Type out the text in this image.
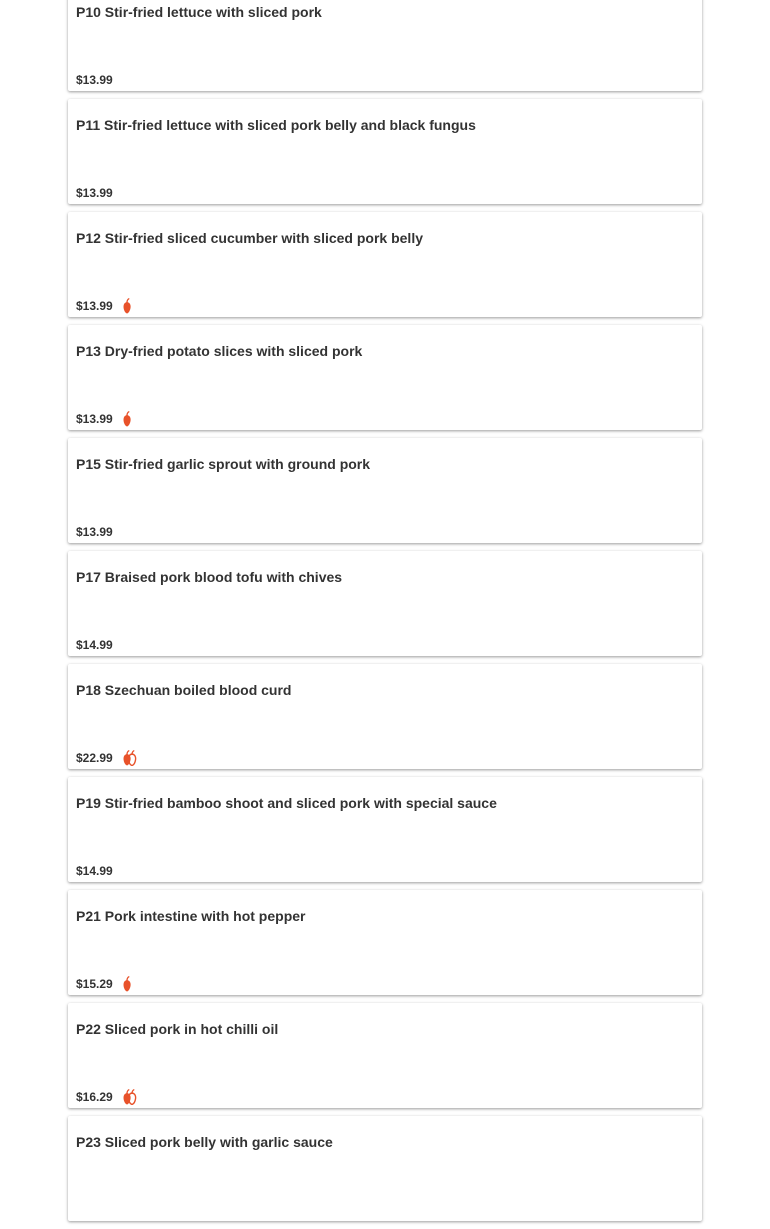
P10 Stir-fried lettuce with sliced pork
$13.99
P11 Stir-fried lettuce with sliced pork belly and black fungus
$13.99
P12 Stir-fried sliced cucumber with sliced pork belly
$13.99
P13 Dry-fried potato slices with sliced pork
$13.99
P15 Stir-fried garlic sprout with ground pork
$13.99
P17 Braised pork blood tofu with chives
$14.99
P18 Szechuan boiled blood curd
$22.99
P19 Stir-fried bamboo shoot and sliced pork with special sauce
$14.99
P21 Pork intestine with hot pepper
$15.29
P22 Sliced pork in hot chilli oil
$16.29
P23 Sliced pork belly with garlic sauce
